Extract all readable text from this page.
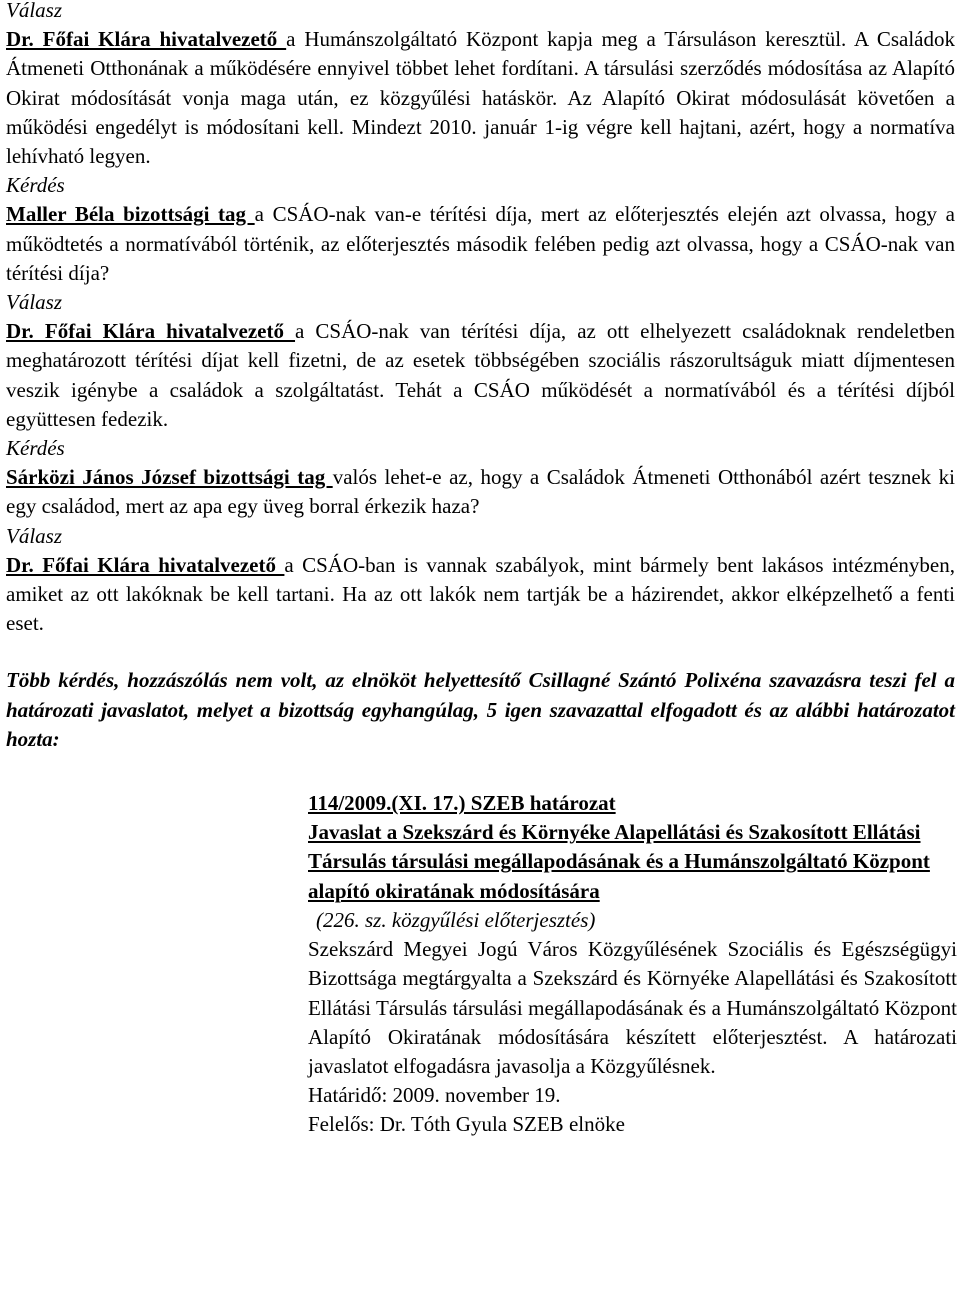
Válasz

Dr. Főfai Klára hivatalvezető a Humánszolgáltató Központ kapja meg a Társuláson keresztül. A Családok Átmeneti Otthonának a működésére ennyivel többet lehet fordítani. A társulási szerződés módosítása az Alapító Okirat módosítását vonja maga után, ez közgyűlési hatáskör. Az Alapító Okirat módosulását követően a működési engedélyt is módosítani kell. Mindezt 2010. január 1-ig végre kell hajtani, azért, hogy a normatíva lehívható legyen.

Kérdés

Maller Béla bizottsági tag a CSÁO-nak van-e térítési díja, mert az előterjesztés elején azt olvassa, hogy a működtetés a normatívából történik, az előterjesztés második felében pedig azt olvassa, hogy a CSÁO-nak van térítési díja?

Válasz

Dr. Főfai Klára hivatalvezető a CSÁO-nak van térítési díja, az ott elhelyezett családoknak rendeletben meghatározott térítési díjat kell fizetni, de az esetek többségében szociális rászorultságuk miatt díjmentesen veszik igénybe a családok a szolgáltatást. Tehát a CSÁO működését a normatívából és a térítési díjból együttesen fedezik.

Kérdés

Sárközi János József bizottsági tag valós lehet-e az, hogy a Családok Átmeneti Otthonából azért tesznek ki egy családod, mert az apa egy üveg borral érkezik haza?

Válasz

Dr. Főfai Klára hivatalvezető a CSÁO-ban is vannak szabályok, mint bármely bent lakásos intézményben, amiket az ott lakóknak be kell tartani. Ha az ott lakók nem tartják be a házirendet, akkor elképzelhető a fenti eset.

Több kérdés, hozzászólás nem volt, az elnököt helyettesítő Csillagné Szántó Polixéna szavazásra teszi fel a határozati javaslatot, melyet a bizottság egyhangúlag, 5 igen szavazattal elfogadott és az alábbi határozatot hozta:

114/2009.(XI. 17.) SZEB határozat
Javaslat a Szekszárd és Környéke Alapellátási és Szakosított Ellátási Társulás társulási megállapodásának és a Humánszolgáltató Központ alapító okiratának módosítására
(226. sz. közgyűlési előterjesztés)

Szekszárd Megyei Jogú Város Közgyűlésének Szociális és Egészségügyi Bizottsága megtárgyalta a Szekszárd és Környéke Alapellátási és Szakosított Ellátási Társulás társulási megállapodásának és a Humánszolgáltató Központ Alapító Okiratának módosítására készített előterjesztést. A határozati javaslatot elfogadásra javasolja a Közgyűlésnek.

Határidő: 2009. november 19.
Felelős: Dr. Tóth Gyula SZEB elnöke
